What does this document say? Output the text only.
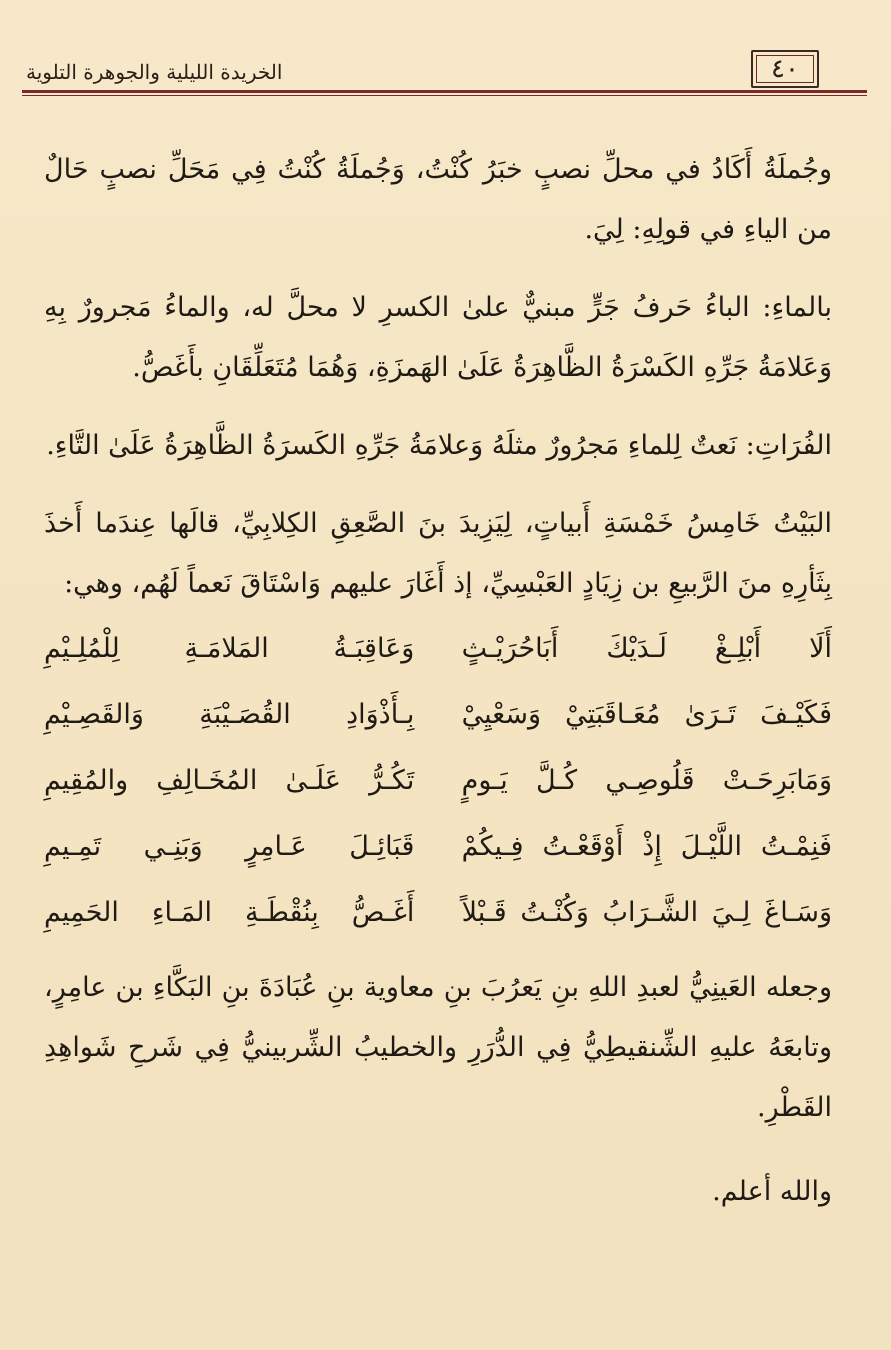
٤٠
الخريدة الليلية والجوهرة التلوية

وجُملَةُ أَكَادُ في محلِّ نصبٍ خبَرُ كُنْتُ، وَجُملَةُ كُنْتُ فِي مَحَلِّ نصبٍ حَالٌ من الياءِ في قولِهِ: لِيَ.

بالماءِ: الباءُ حَرفُ جَرٍّ مبنيٌّ علىٰ الكسرِ لا محلَّ له، والماءُ مَجرورٌ بِهِ وَعَلامَةُ جَرِّهِ الكَسْرَةُ الظَّاهِرَةُ عَلَىٰ الهَمزَةِ، وَهُمَا مُتَعَلِّقَانِ بأَغَصُّ.

الفُرَاتِ: نَعتٌ لِلماءِ مَجرُورٌ مثلَهُ وَعلامَةُ جَرِّهِ الكَسرَةُ الظَّاهِرَةُ عَلَىٰ التَّاءِ.

البَيْتُ خَامِسُ خَمْسَةِ أَبياتٍ، لِيَزِيدَ بنَ الصَّعِقِ الكِلابِيِّ، قالَها عِندَما أَخذَ بِثَأرِهِ منَ الرَّبيعِ بن زِيَادٍ العَبْسِيِّ، إذ أَغَارَ عليهم وَاسْتَاقَ نَعماً لَهُم، وهي:

أَلَا أَبْلِـغْ لَـدَيْكَ أَبَاحُرَيْـثٍ
وَعَاقِبَـةُ المَلامَـةِ لِلْمُلِـيْمِ
فَكَيْـفَ تَـرَىٰ مُعَـاقَبَتِيْ وَسَعْيِيْ
بِـأَذْوَادِ القُصَـيْبَةِ وَالقَصِـيْمِ
وَمَابَرِحَـتْ قَلُوصِـي كُـلَّ يَـومٍ
تَكُـرُّ عَلَـىٰ المُخَـالِفِ والمُقِيمِ
فَنِمْـتُ اللَّيْـلَ إِذْ أَوْقَعْـتُ فِـيكُمْ
قَبَائِـلَ عَـامِرٍ وَبَنِـي تَمِـيمِ
وَسَـاغَ لِـيَ الشَّـرَابُ وَكُنْـتُ قَـبْلاً
أَغَـصُّ بِنُقْطَـةِ المَـاءِ الحَمِيمِ

وجعله العَينِيُّ لعبدِ اللهِ بنِ يَعرُبَ بنِ معاوية بنِ عُبَادَةَ بنِ البَكَّاءِ بن عامِرٍ، وتابعَهُ عليهِ الشِّنقيطِيُّ فِي الدُّرَرِ والخطيبُ الشِّربينيُّ فِي شَرحِ شَواهِدِ القَطْرِ.

والله أعلم.
